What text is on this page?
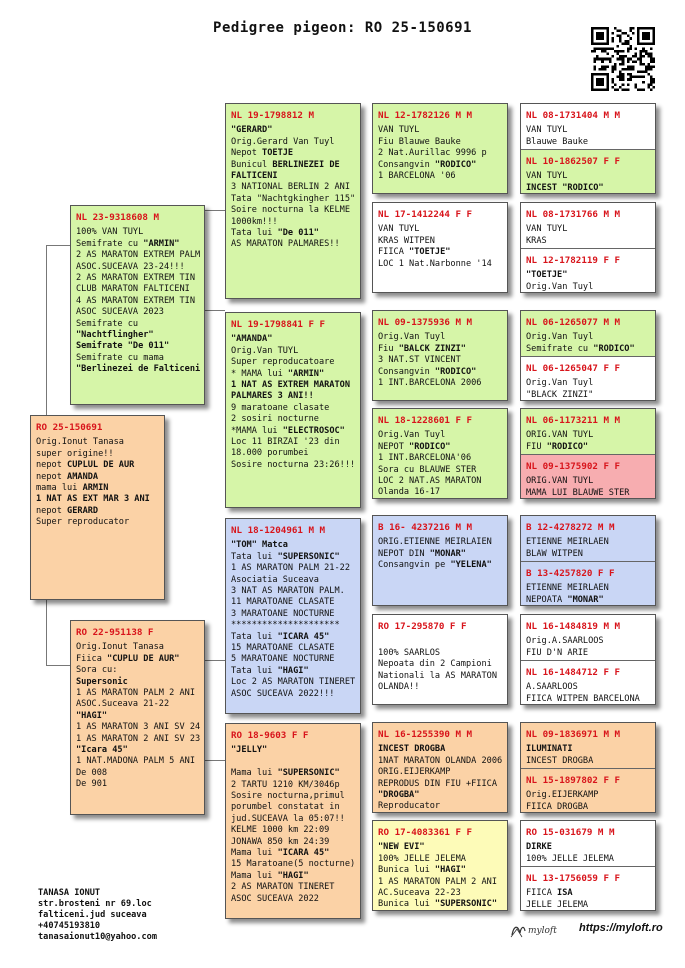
Pedigree pigeon: RO 25-150691
RO 25-150691
Orig.Ionut Tanasa
super origine!!
nepot CUPLUL DE AUR
nepot AMANDA
mama lui ARMIN
1 NAT AS EXT MAR 3 ANI
nepot GERARD
Super reproducator
NL 23-9318608 M
100% VAN TUYL
Semifrate cu "ARMIN"
2 AS MARATON EXTREM PALM
ASOC.SUCEAVA 23-24!!!
2 AS MARATON EXTREM TIN
CLUB MARATON FALTICENI
4 AS MARATON EXTREM TIN
ASOC SUCEAVA 2023
Semifrate cu
"Nachtflingher"
Semifrate "De 011"
Semifrate cu mama
"Berlinezei de Falticeni
RO 22-951138 F
Orig.Ionut Tanasa
Fiica "CUPLU DE AUR"
Sora cu:
Supersonic
1 AS MARATON PALM 2 ANI
ASOC.Suceava 21-22
"HAGI"
1 AS MARATON 3 ANI SV 24
1 AS MARATON 2 ANI SV 23
"Icara 45"
1 NAT.MADONA PALM 5 ANI
De 008
De 901
NL 19-1798812 M
"GERARD"
Orig.Gerard Van Tuyl
Nepot TOETJE
Bunicul BERLINEZEI DE
FALTICENI
3 NATIONAL BERLIN 2 ANI
Tata "Nachtgkingher 115"
Soire nocturna la KELME
1000km!!!
Tata lui "De 011"
AS MARATON PALMARES!!
NL 19-1798841 F F
"AMANDA"
Orig.Van TUYL
Super reproducatoare
* MAMA lui "ARMIN"
1 NAT AS EXTREM MARATON
PALMARES 3 ANI!!
9 maratoane clasate
2 sosiri nocturne
*MAMA lui "ELECTROSOC"
Loc 11 BIRZAI '23 din
18.000 porumbei
Sosire nocturna 23:26!!!
NL 18-1204961 M M
"TOM" Matca
Tata lui "SUPERSONIC"
1 AS MARATON PALM 21-22
Asociatia Suceava
3 NAT AS MARATON PALM.
11 MARATOANE CLASATE
3 MARATOANE NOCTURNE
*********************
Tata lui "ICARA 45"
15 MARATOANE CLASATE
5 MARATOANE NOCTURNE
Tata lui "HAGI"
Loc 2 AS MARATON TINERET
ASOC SUCEAVA 2022!!!
RO 18-9603 F F
"JELLY"

Mama lui "SUPERSONIC"
2 TARTU 1210 KM/3046p
Sosire nocturna,primul
porumbel constatat in
jud.SUCEAVA la 05:07!!
KELME 1000 km 22:09
JONAWA 850 km 24:39
Mama lui "ICARA 45"
15 Maratoane(5 nocturne)
Mama lui "HAGI"
2 AS MARATON TINERET
ASOC SUCEAVA 2022
NL 12-1782126 M M
VAN TUYL
Fiu Blauwe Bauke
2 Nat.Aurillac 9996 p
Consangvin "RODICO"
1 BARCELONA '06
NL 17-1412244 F F
VAN TUYL
KRAS WITPEN
FIICA "TOETJE"
LOC 1 Nat.Narbonne '14
NL 09-1375936 M M
Orig.Van Tuyl
Fiu "BALCK ZINZI"
3 NAT.ST VINCENT
Consangvin "RODICO"
1 INT.BARCELONA 2006
NL 18-1228601 F F
Orig.Van Tuyl
NEPOT "RODICO"
1 INT.BARCELONA'06
Sora cu BLAUWE STER
LOC 2 NAT.AS MARATON
Olanda 16-17
B 16- 4237216 M M
ORIG.ETIENNE MEIRLAIEN
NEPOT DIN "MONAR"
Consangvin pe "YELENA"
RO 17-295870 F F

100% SAARLOS
Nepoata din 2 Campioni
Nationali la AS MARATON
OLANDA!!
NL 16-1255390 M M
INCEST DROGBA
1NAT MARATON OLANDA 2006
ORIG.EIJERKAMP
REPRODUS DIN FIU +FIICA
"DROGBA"
Reproducator
RO 17-4083361 F F
"NEW EVI"
100% JELLE JELEMA
Bunica lui "HAGI"
1 AS MARATON PALM 2 ANI
AC.Suceava 22-23
Bunica lui "SUPERSONIC"
NL 08-1731404 M M
VAN TUYL
Blauwe Bauke
NL 10-1862507 F F
VAN TUYL
INCEST "RODICO"
NL 08-1731766 M M
VAN TUYL
KRAS
NL 12-1782119 F F
"TOETJE"
Orig.Van Tuyl
NL 06-1265077 M M
Orig.Van Tuyl
Semifrate cu "RODICO"
NL 06-1265047 F F
Orig.Van Tuyl
"BLACK ZINZI"
NL 06-1173211 M M
ORIG.VAN TUYL
FIU "RODICO"
NL 09-1375902 F F
ORIG.VAN TUYL
MAMA LUI BLAUWE STER
B 12-4278272 M M
ETIENNE MEIRLAEN
BLAW WITPEN
B 13-4257820 F F
ETIENNE MEIRLAEN
NEPOATA "MONAR"
NL 16-1484819 M M
Orig.A.SAARLOOS
FIU D'N ARIE
NL 16-1484712 F F
A.SAARLOOS
FIICA WITPEN BARCELONA
NL 09-1836971 M M
ILUMINATI
INCEST DROGBA
NL 15-1897802 F F
Orig.EIJERKAMP
FIICA DROGBA
RO 15-031679 M M
DIRKE
100% JELLE JELEMA
NL 13-1756059 F F
FIICA ISA
JELLE JELEMA
TANASA IONUT
str.brosteni nr 69.loc
falticeni.jud suceava
+40745193810
tanasaionut10@yahoo.com
myloft https://myloft.ro
